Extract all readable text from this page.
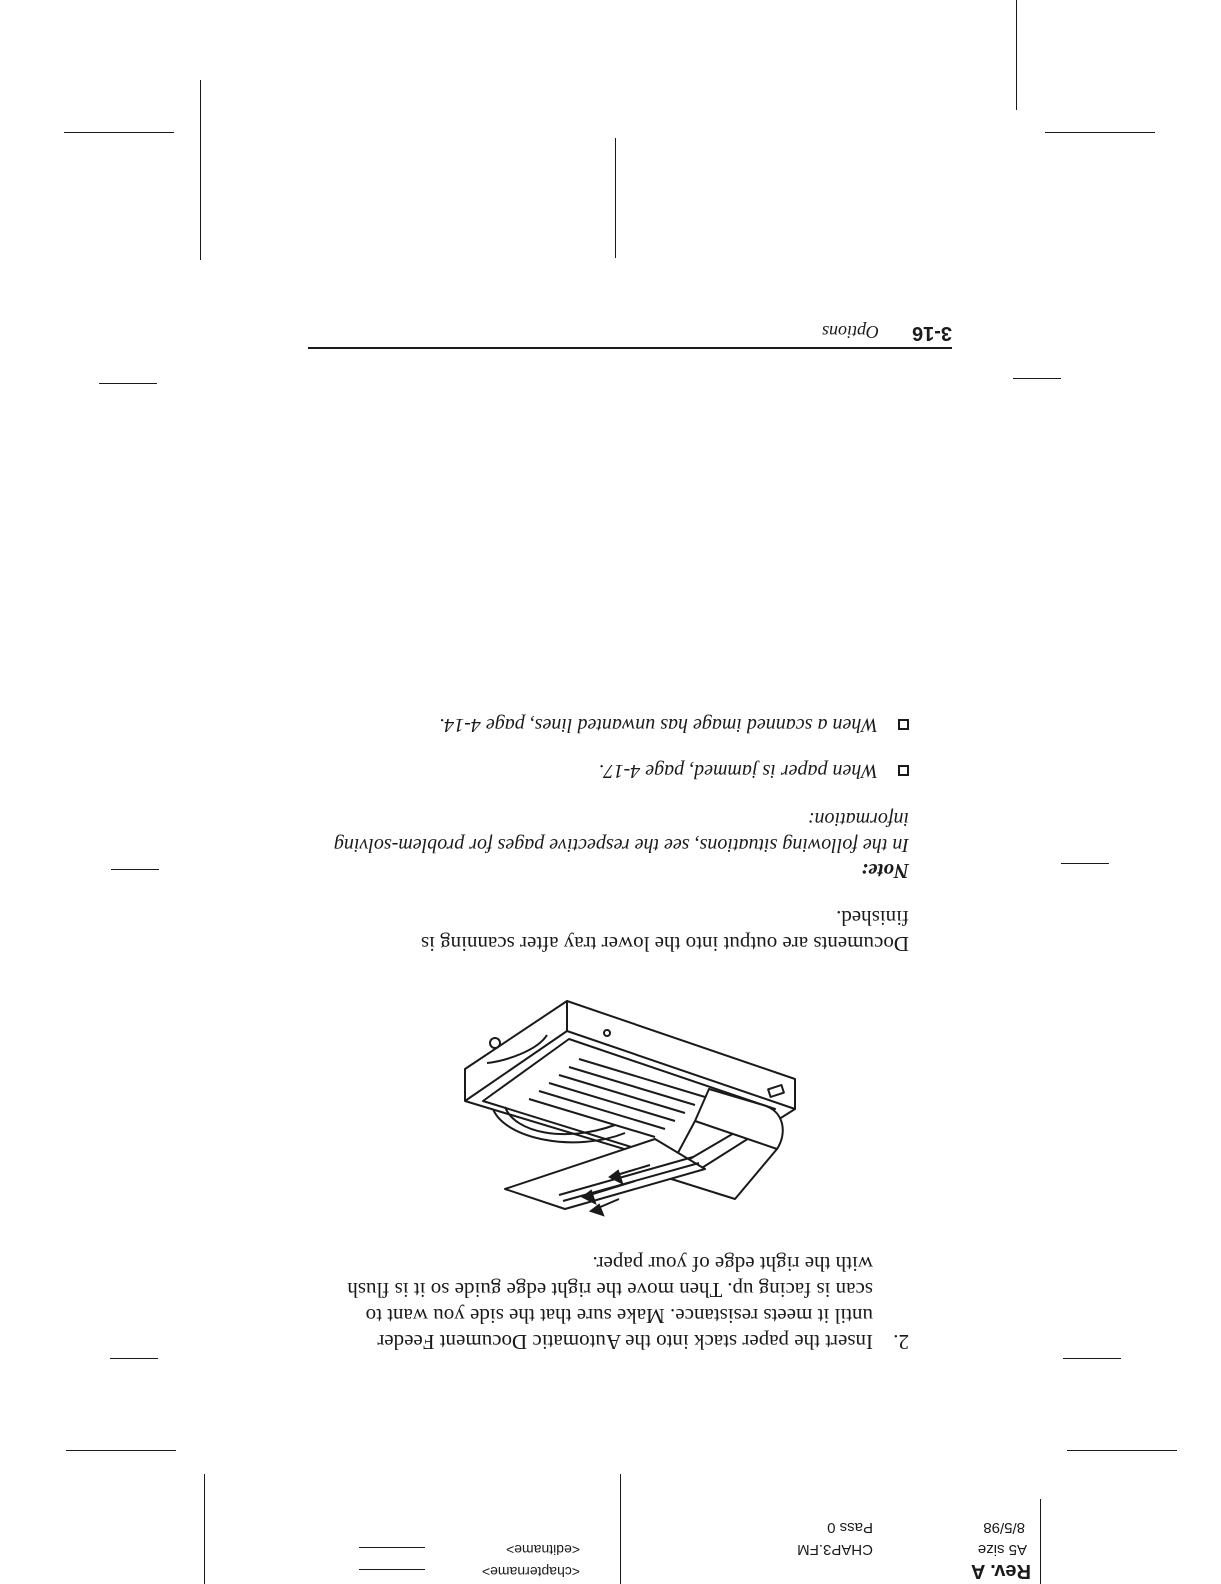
Rev. A
A5 size
8/5/98
CHAP3.FM
Pass 0
<chaptername>
<editname>
2.
Insert the paper stack into the Automatic Document Feeder
until it meets resistance. Make sure that the side you want to
scan is facing up. Then move the right edge guide so it is flush
with the right edge of your paper.
Documents are output into the lower tray after scanning is
finished.
Note:
In the following situations, see the respective pages for problem-solving
information:
When paper is jammed, page 4-17.
When a scanned image has unwanted lines, page 4-14.
3-16
Options
